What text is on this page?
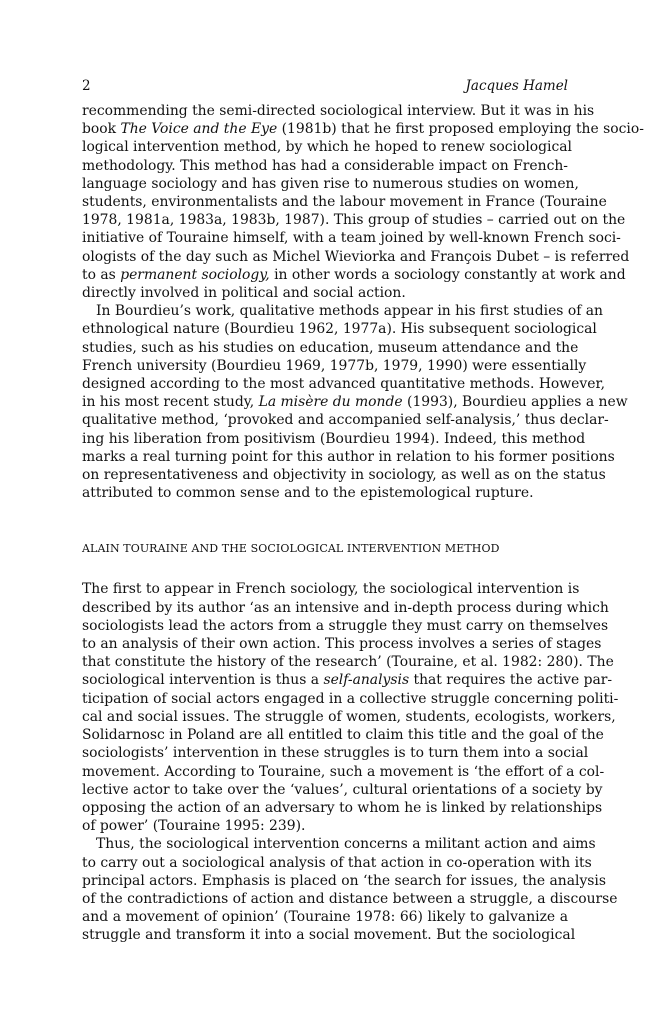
2	Jacques Hamel

recommending the semi-directed sociological interview. But it was in his
book The Voice and the Eye (1981b) that he first proposed employing the socio-
logical intervention method, by which he hoped to renew sociological
methodology. This method has had a considerable impact on French-
language sociology and has given rise to numerous studies on women,
students, environmentalists and the labour movement in France (Touraine
1978, 1981a, 1983a, 1983b, 1987). This group of studies – carried out on the
initiative of Touraine himself, with a team joined by well-known French soci-
ologists of the day such as Michel Wieviorka and François Dubet – is referred
to as permanent sociology, in other words a sociology constantly at work and
directly involved in political and social action.

In Bourdieu’s work, qualitative methods appear in his first studies of an
ethnological nature (Bourdieu 1962, 1977a). His subsequent sociological
studies, such as his studies on education, museum attendance and the
French university (Bourdieu 1969, 1977b, 1979, 1990) were essentially
designed according to the most advanced quantitative methods. However,
in his most recent study, La misère du monde (1993), Bourdieu applies a new
qualitative method, ‘provoked and accompanied self-analysis,’ thus declar-
ing his liberation from positivism (Bourdieu 1994). Indeed, this method
marks a real turning point for this author in relation to his former positions
on representativeness and objectivity in sociology, as well as on the status
attributed to common sense and to the epistemological rupture.

ALAIN TOURAINE AND THE SOCIOLOGICAL INTERVENTION METHOD

The first to appear in French sociology, the sociological intervention is
described by its author ‘as an intensive and in-depth process during which
sociologists lead the actors from a struggle they must carry on themselves
to an analysis of their own action. This process involves a series of stages
that constitute the history of the research’ (Touraine, et al. 1982: 280). The
sociological intervention is thus a self-analysis that requires the active par-
ticipation of social actors engaged in a collective struggle concerning politi-
cal and social issues. The struggle of women, students, ecologists, workers,
Solidarnosc in Poland are all entitled to claim this title and the goal of the
sociologists’ intervention in these struggles is to turn them into a social
movement. According to Touraine, such a movement is ‘the effort of a col-
lective actor to take over the ‘values’, cultural orientations of a society by
opposing the action of an adversary to whom he is linked by relationships
of power’ (Touraine 1995: 239).

Thus, the sociological intervention concerns a militant action and aims
to carry out a sociological analysis of that action in co-operation with its
principal actors. Emphasis is placed on ‘the search for issues, the analysis
of the contradictions of action and distance between a struggle, a discourse
and a movement of opinion’ (Touraine 1978: 66) likely to galvanize a
struggle and transform it into a social movement. But the sociological
